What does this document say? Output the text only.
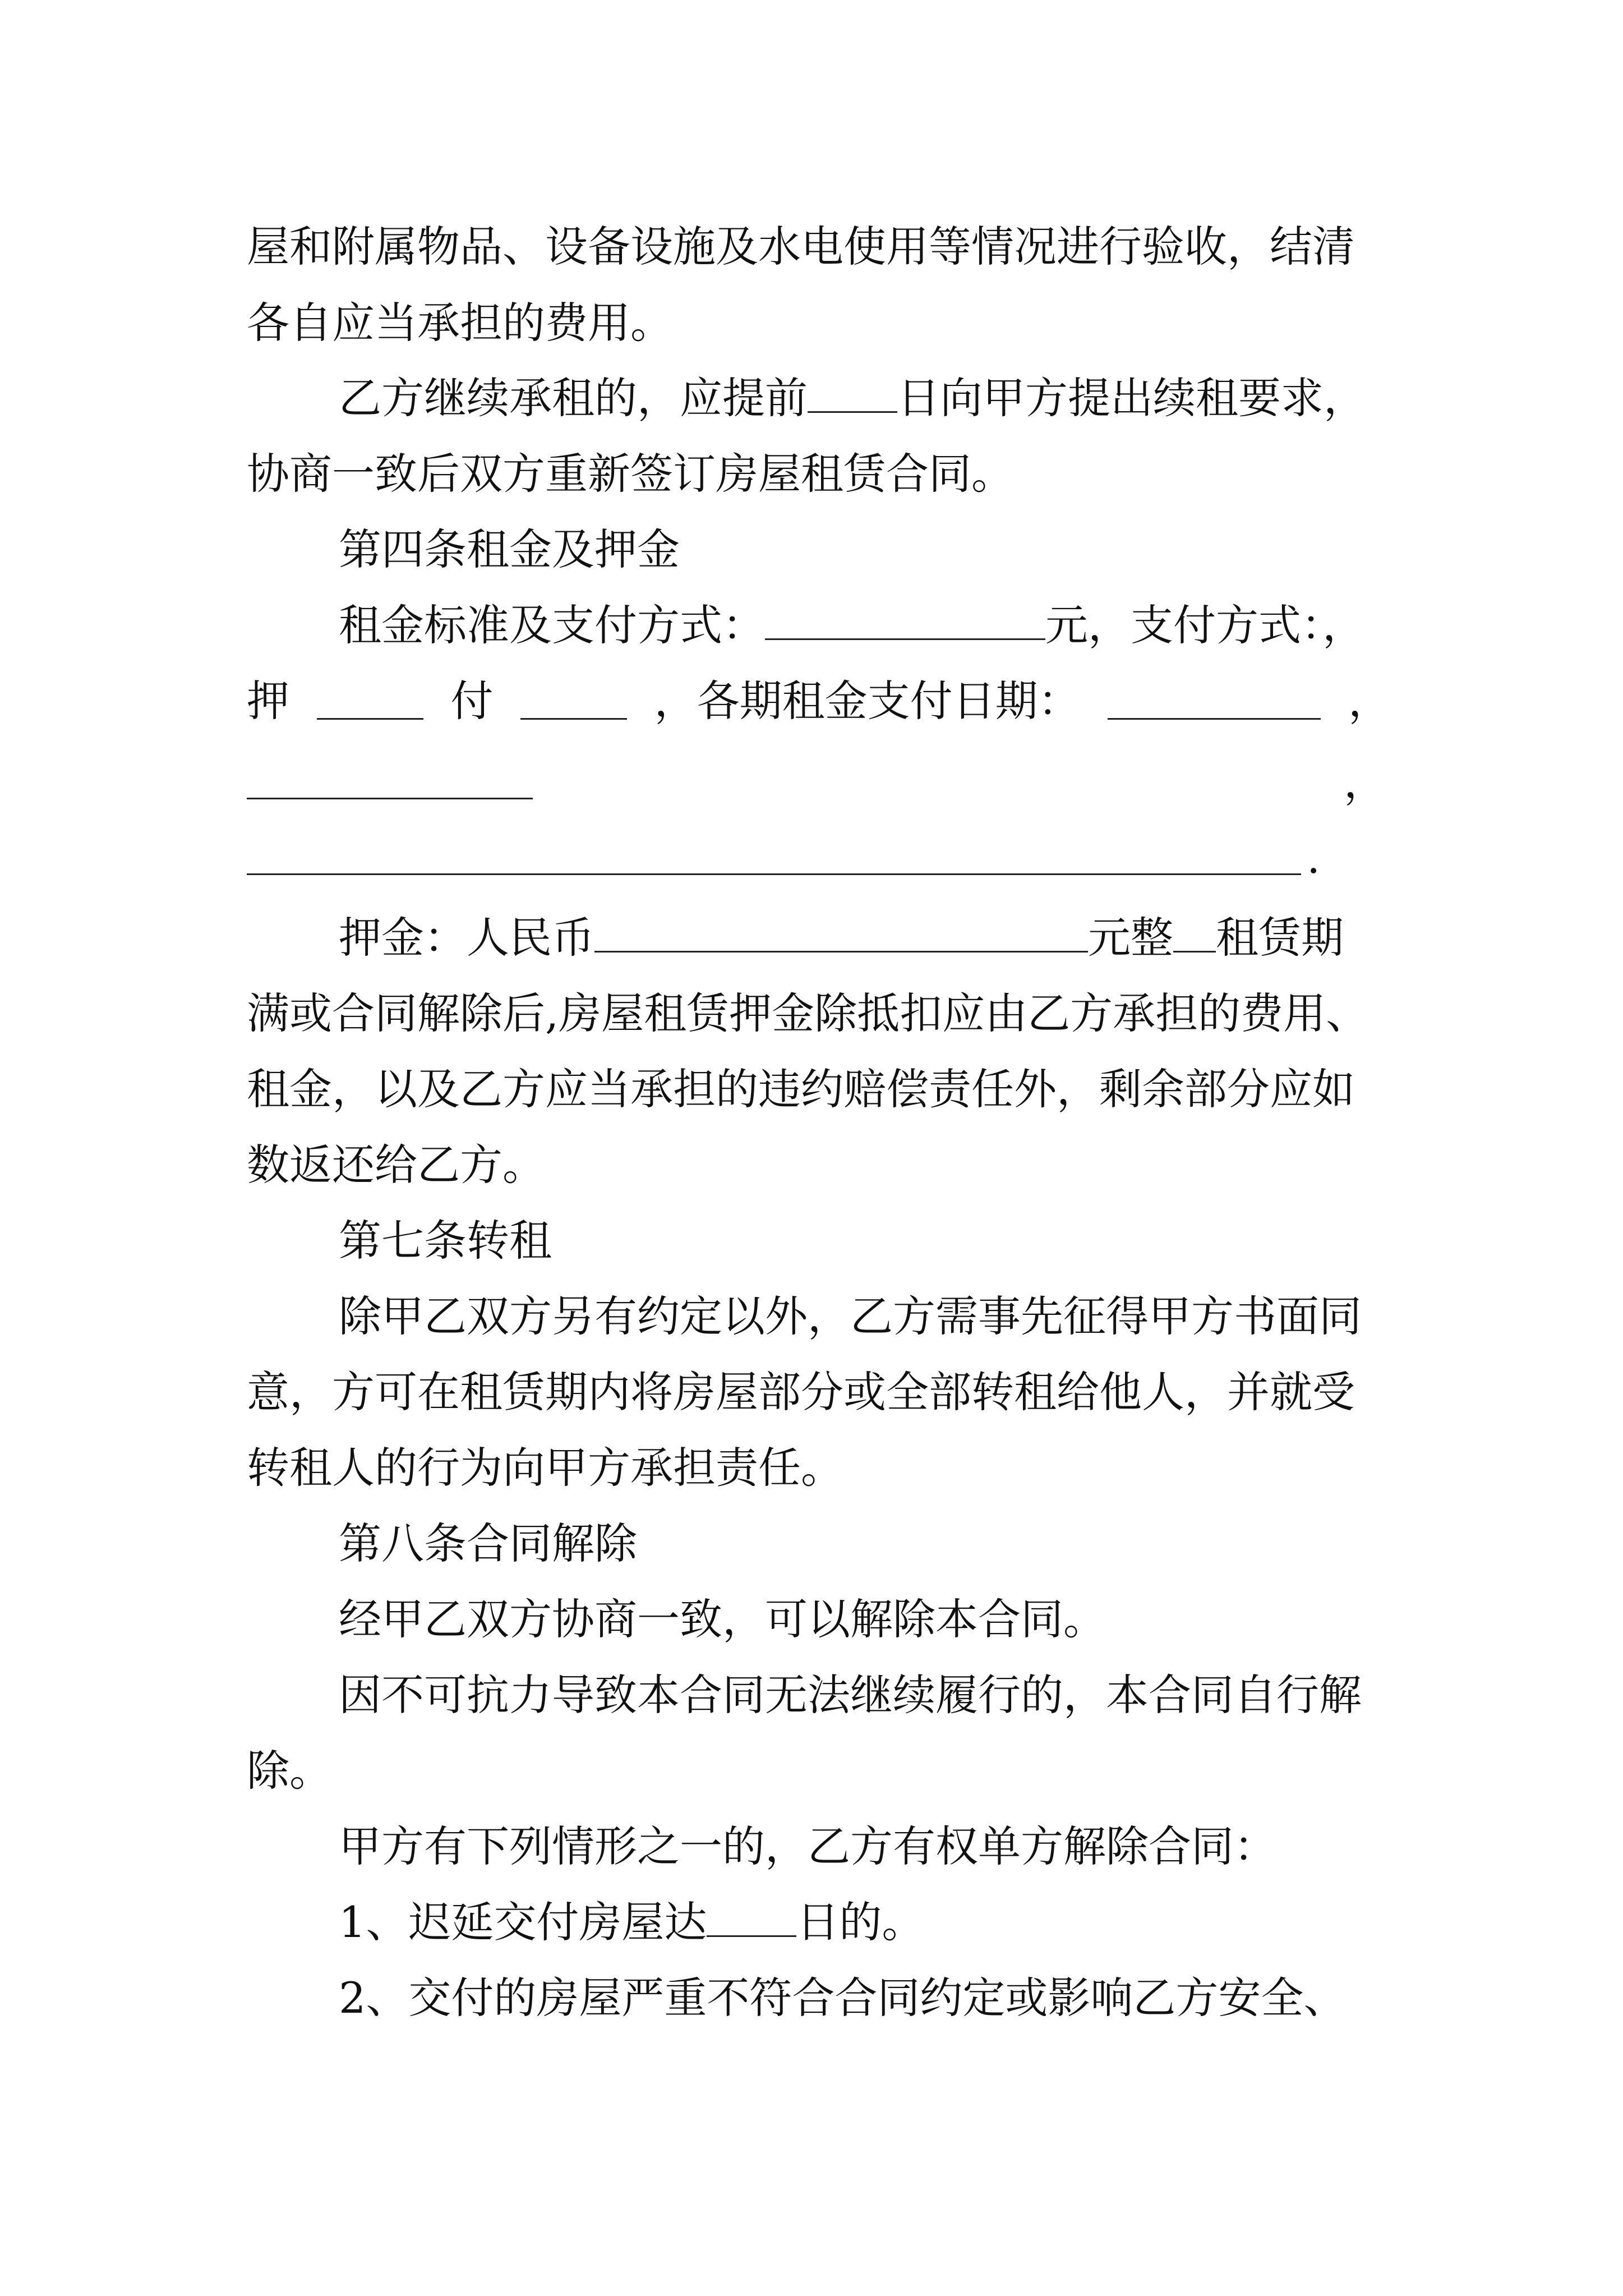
屋和附属物品、设备设施及水电使用等情况进行验收，结清
各自应当承担的费用。
乙方继续承租的，应提前 日向甲方提出续租要求，
协商一致后双方重新签订房屋租赁合同。
第四条租金及押金
租金标准及支付方式：	元，支付方式：，
押	付	，各期租金支付日期：	，
，
.
押金：人民币	元整 租赁期
满或合同解除后,房屋租赁押金除抵扣应由乙方承担的费用、
租金，以及乙方应当承担的违约赔偿责任外，剩余部分应如
数返还给乙方。
第七条转租
除甲乙双方另有约定以外，乙方需事先征得甲方书面同
意，方可在租赁期内将房屋部分或全部转租给他人，并就受
转租人的行为向甲方承担责任。
第八条合同解除
经甲乙双方协商一致，可以解除本合同。
因不可抗力导致本合同无法继续履行的，本合同自行解
除。
甲方有下列情形之一的，乙方有权单方解除合同：
1、迟延交付房屋达 日的。
2、交付的房屋严重不符合合同约定或影响乙方安全、
